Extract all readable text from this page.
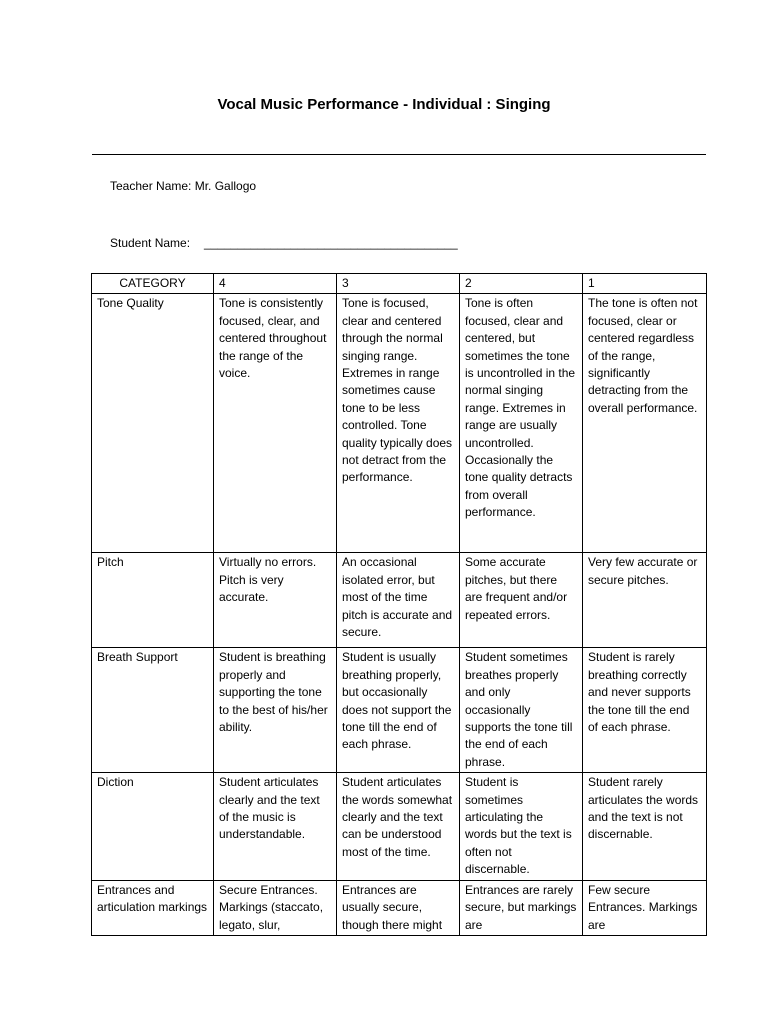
Vocal Music Performance - Individual : Singing
Teacher Name: Mr. Gallogo
Student Name: ______________________________________
CATEGORY	4	3	2	1
Tone Quality	Tone is consistently focused, clear, and centered throughout the range of the voice.	Tone is focused, clear and centered through the normal singing range. Extremes in range sometimes cause tone to be less controlled. Tone quality typically does not detract from the performance.	Tone is often focused, clear and centered, but sometimes the tone is uncontrolled in the normal singing range. Extremes in range are usually uncontrolled. Occasionally the tone quality detracts from overall performance.	The tone is often not focused, clear or centered regardless of the range, significantly detracting from the overall performance.
Pitch	Virtually no errors. Pitch is very accurate.	An occasional isolated error, but most of the time pitch is accurate and secure.	Some accurate pitches, but there are frequent and/or repeated errors.	Very few accurate or secure pitches.
Breath Support	Student is breathing properly and supporting the tone to the best of his/her ability.	Student is usually breathing properly, but occasionally does not support the tone till the end of each phrase.	Student sometimes breathes properly and only occasionally supports the tone till the end of each phrase.	Student is rarely breathing correctly and never supports the tone till the end of each phrase.
Diction	Student articulates clearly and the text of the music is understandable.	Student articulates the words somewhat clearly and the text can be understood most of the time.	Student is sometimes articulating the words but the text is often not discernable.	Student rarely articulates the words and the text is not discernable.
Entrances and articulation markings	Secure Entrances. Markings (staccato, legato, slur,	Entrances are usually secure, though there might	Entrances are rarely secure, but markings are	Few secure Entrances. Markings are
